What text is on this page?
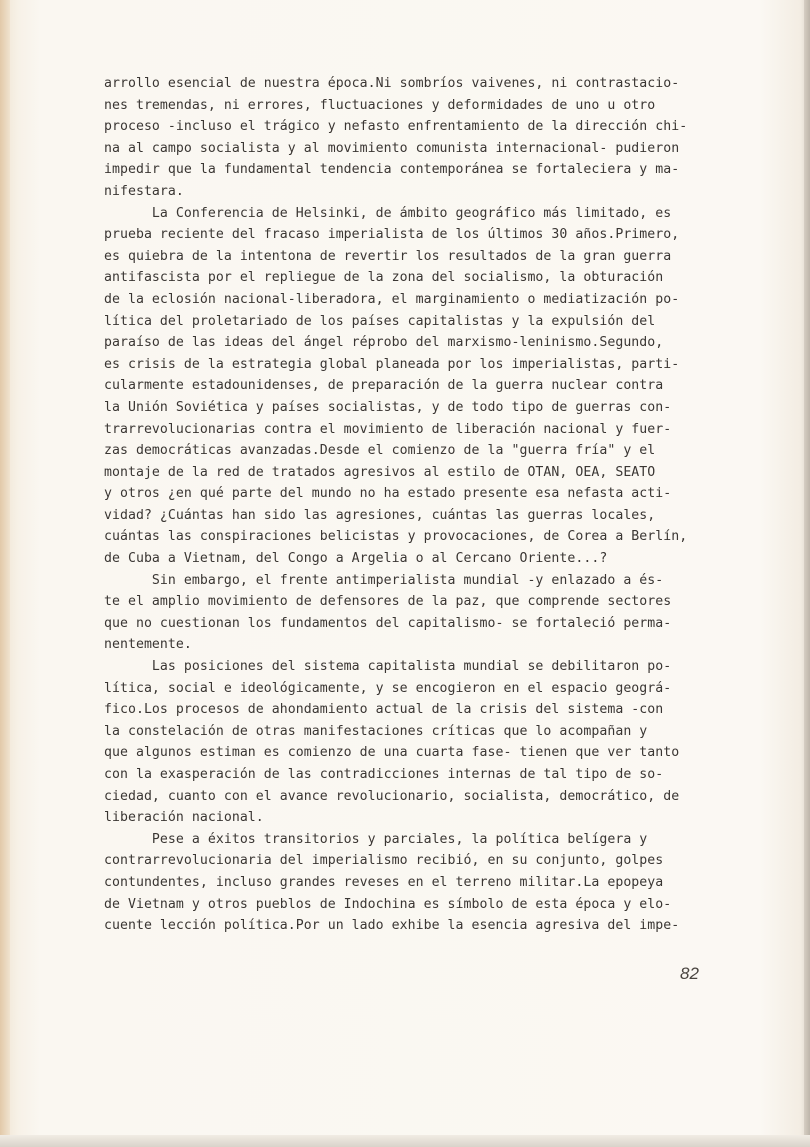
arrollo esencial de nuestra época.Ni sombríos vaivenes, ni contrastacio-
nes tremendas, ni errores, fluctuaciones y deformidades de uno u otro
proceso -incluso el trágico y nefasto enfrentamiento de la dirección chi-
na al campo socialista y al movimiento comunista internacional- pudieron
impedir que la fundamental tendencia contemporánea se fortaleciera y ma-
nifestara.
La Conferencia de Helsinki, de ámbito geográfico más limitado, es
prueba reciente del fracaso imperialista de los últimos 30 años.Primero,
es quiebra de la intentona de revertir los resultados de la gran guerra
antifascista por el repliegue de la zona del socialismo, la obturación
de la eclosión nacional-liberadora, el marginamiento o mediatización po-
lítica del proletariado de los países capitalistas y la expulsión del
paraíso de las ideas del ángel réprobo del marxismo-leninismo.Segundo,
es crisis de la estrategia global planeada por los imperialistas, parti-
cularmente estadounidenses, de preparación de la guerra nuclear contra
la Unión Soviética y países socialistas, y de todo tipo de guerras con-
trarrevolucionarias contra el movimiento de liberación nacional y fuer-
zas democráticas avanzadas.Desde el comienzo de la "guerra fría" y el
montaje de la red de tratados agresivos al estilo de OTAN, OEA, SEATO
y otros ¿en qué parte del mundo no ha estado presente esa nefasta acti-
vidad? ¿Cuántas han sido las agresiones, cuántas las guerras locales,
cuántas las conspiraciones belicistas y provocaciones, de Corea a Berlín,
de Cuba a Vietnam, del Congo a Argelia o al Cercano Oriente...?
Sin embargo, el frente antimperialista mundial -y enlazado a és-
te el amplio movimiento de defensores de la paz, que comprende sectores
que no cuestionan los fundamentos del capitalismo- se fortaleció perma-
nentemente.
Las posiciones del sistema capitalista mundial se debilitaron po-
lítica, social e ideológicamente, y se encogieron en el espacio geográ-
fico.Los procesos de ahondamiento actual de la crisis del sistema -con
la constelación de otras manifestaciones críticas que lo acompañan y
que algunos estiman es comienzo de una cuarta fase- tienen que ver tanto
con la exasperación de las contradicciones internas de tal tipo de so-
ciedad, cuanto con el avance revolucionario, socialista, democrático, de
liberación nacional.
Pese a éxitos transitorios y parciales, la política belígera y
contrarrevolucionaria del imperialismo recibió, en su conjunto, golpes
contundentes, incluso grandes reveses en el terreno militar.La epopeya
de Vietnam y otros pueblos de Indochina es símbolo de esta época y elo-
cuente lección política.Por un lado exhibe la esencia agresiva del impe-
82
